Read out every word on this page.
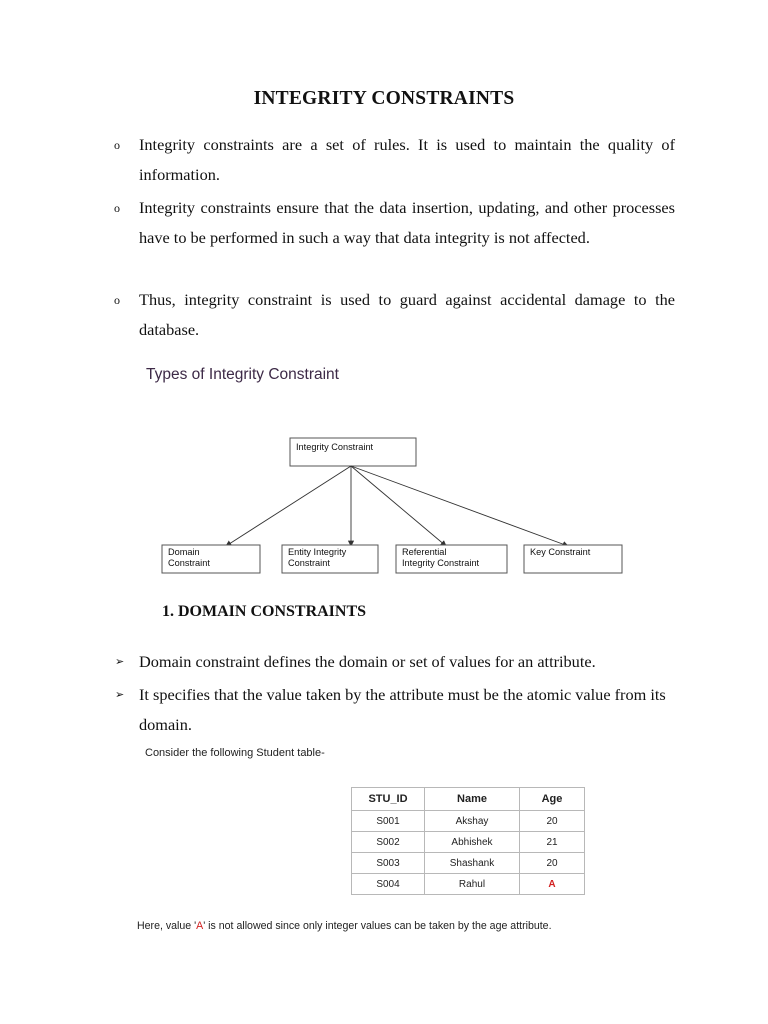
INTEGRITY CONSTRAINTS
o Integrity constraints are a set of rules. It is used to maintain the quality of information.
o Integrity constraints ensure that the data insertion, updating, and other processes have to be performed in such a way that data integrity is not affected.
o Thus, integrity constraint is used to guard against accidental damage to the database.
Types of Integrity Constraint
Integrity Constraint
Domain
Constraint
Entity Integrity
Constraint
Referential
Integrity Constraint
Key Constraint
1. DOMAIN CONSTRAINTS
➢ Domain constraint defines the domain or set of values for an attribute.
➢ It specifies that the value taken by the attribute must be the atomic value from its domain.
Consider the following Student table-
STU_ID	Name	Age
S001	Akshay	20
S002	Abhishek	21
S003	Shashank	20
S004	Rahul	A
Here, value 'A' is not allowed since only integer values can be taken by the age attribute.
